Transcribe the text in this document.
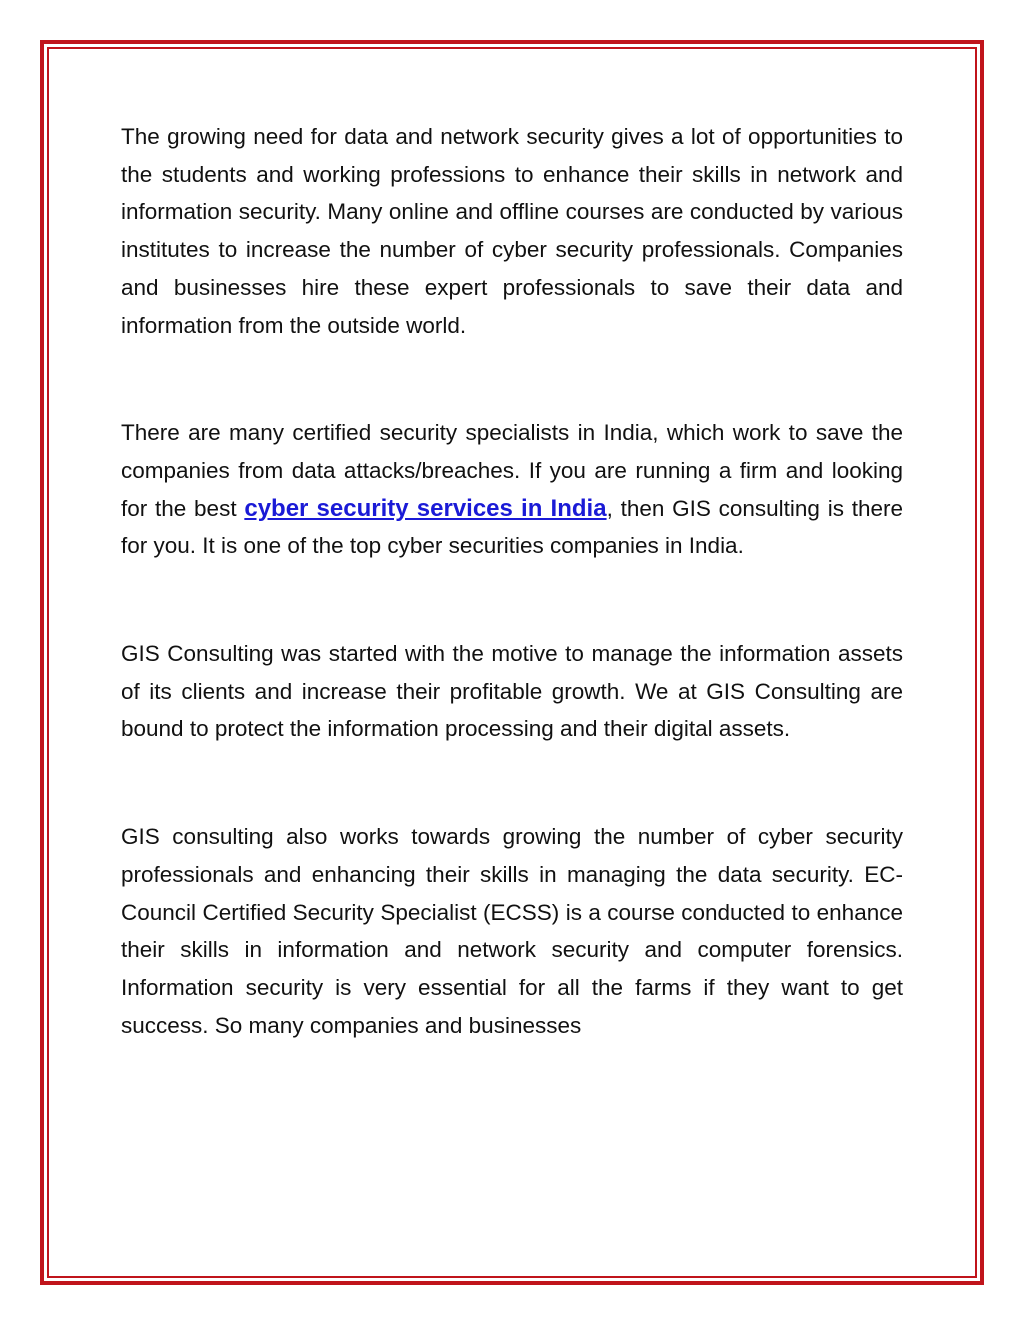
The growing need for data and network security gives a lot of opportunities to the students and working professions to enhance their skills in network and information security. Many online and offline courses are conducted by various institutes to increase the number of cyber security professionals. Companies and businesses hire these expert professionals to save their data and information from the outside world.

There are many certified security specialists in India, which work to save the companies from data attacks/breaches. If you are running a firm and looking for the best cyber security services in India, then GIS consulting is there for you. It is one of the top cyber securities companies in India.

GIS Consulting was started with the motive to manage the information assets of its clients and increase their profitable growth. We at GIS Consulting are bound to protect the information processing and their digital assets.

GIS consulting also works towards growing the number of cyber security professionals and enhancing their skills in managing the data security. EC-Council Certified Security Specialist (ECSS) is a course conducted to enhance their skills in information and network security and computer forensics. Information security is very essential for all the farms if they want to get success. So many companies and businesses
